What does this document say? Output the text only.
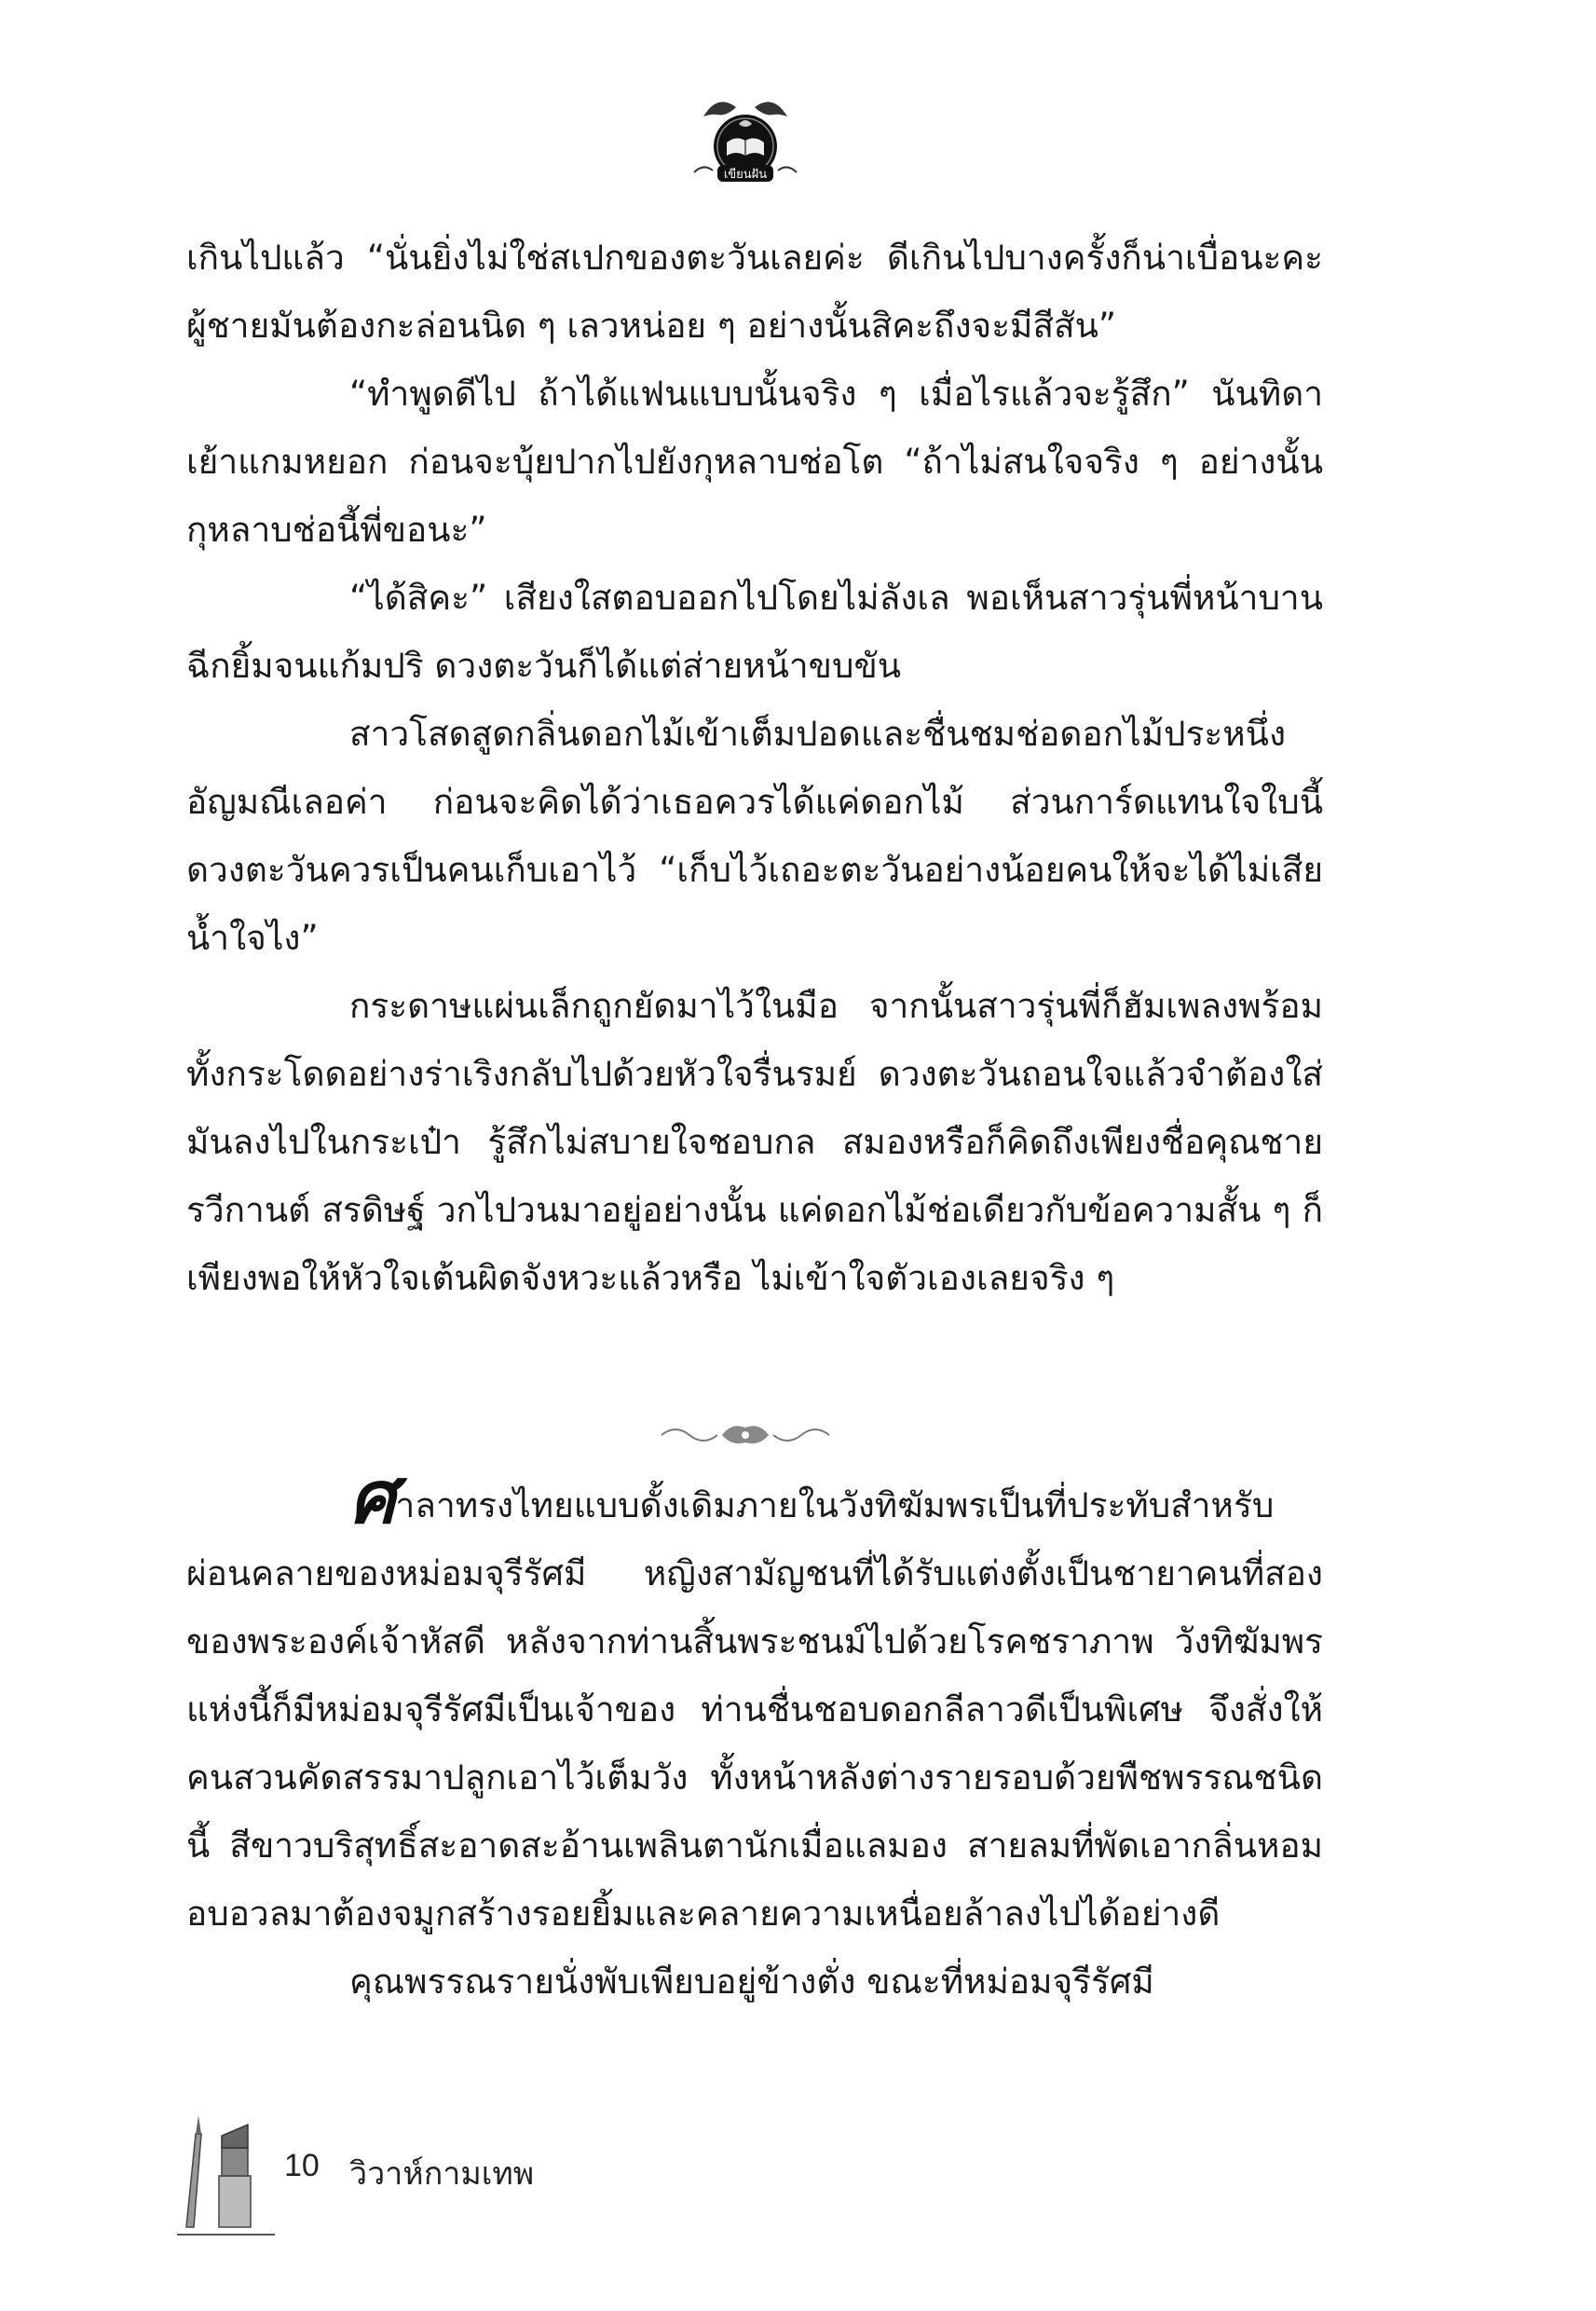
เขียนฝัน

เกินไปแล้ว “นั่นยิ่งไม่ใช่สเปกของตะวันเลยค่ะ ดีเกินไปบางครั้งก็น่าเบื่อนะคะ ผู้ชายมันต้องกะล่อนนิด ๆ เลวหน่อย ๆ อย่างนั้นสิคะถึงจะมีสีสัน”

“ทำพูดดีไป ถ้าได้แฟนแบบนั้นจริง ๆ เมื่อไรแล้วจะรู้สึก” นันทิดาเย้าแกมหยอก ก่อนจะบุ้ยปากไปยังกุหลาบช่อโต “ถ้าไม่สนใจจริง ๆ อย่างนั้นกุหลาบช่อนี้พี่ขอนะ”

“ได้สิคะ” เสียงใสตอบออกไปโดยไม่ลังเล พอเห็นสาวรุ่นพี่หน้าบานฉีกยิ้มจนแก้มปริ ดวงตะวันก็ได้แต่ส่ายหน้าขบขัน

สาวโสดสูดกลิ่นดอกไม้เข้าเต็มปอดและชื่นชมช่อดอกไม้ประหนึ่งอัญมณีเลอค่า ก่อนจะคิดได้ว่าเธอควรได้แค่ดอกไม้ ส่วนการ์ดแทนใจใบนี้ดวงตะวันควรเป็นคนเก็บเอาไว้ “เก็บไว้เถอะตะวันอย่างน้อยคนให้จะได้ไม่เสียน้ำใจไง”

กระดาษแผ่นเล็กถูกยัดมาไว้ในมือ จากนั้นสาวรุ่นพี่ก็ฮัมเพลงพร้อมทั้งกระโดดอย่างร่าเริงกลับไปด้วยหัวใจรื่นรมย์ ดวงตะวันถอนใจแล้วจำต้องใส่มันลงไปในกระเป๋า รู้สึกไม่สบายใจชอบกล สมองหรือก็คิดถึงเพียงชื่อคุณชายรวีกานต์ สรดิษฐ์ วกไปวนมาอยู่อย่างนั้น แค่ดอกไม้ช่อเดียวกับข้อความสั้น ๆ ก็เพียงพอให้หัวใจเต้นผิดจังหวะแล้วหรือ ไม่เข้าใจตัวเองเลยจริง ๆ

ศาลาทรงไทยแบบดั้งเดิมภายในวังทิฆัมพรเป็นที่ประทับสำหรับผ่อนคลายของหม่อมจุรีรัศมี หญิงสามัญชนที่ได้รับแต่งตั้งเป็นชายาคนที่สองของพระองค์เจ้าหัสดี หลังจากท่านสิ้นพระชนม์ไปด้วยโรคชราภาพ วังทิฆัมพรแห่งนี้ก็มีหม่อมจุรีรัศมีเป็นเจ้าของ ท่านชื่นชอบดอกลีลาวดีเป็นพิเศษ จึงสั่งให้คนสวนคัดสรรมาปลูกเอาไว้เต็มวัง ทั้งหน้าหลังต่างรายรอบด้วยพืชพรรณชนิดนี้ สีขาวบริสุทธิ์สะอาดสะอ้านเพลินตานักเมื่อแลมอง สายลมที่พัดเอากลิ่นหอมอบอวลมาต้องจมูกสร้างรอยยิ้มและคลายความเหนื่อยล้าลงไปได้อย่างดี

คุณพรรณรายนั่งพับเพียบอยู่ข้างตั่ง ขณะที่หม่อมจุรีรัศมี

10 วิวาห์กามเทพ
